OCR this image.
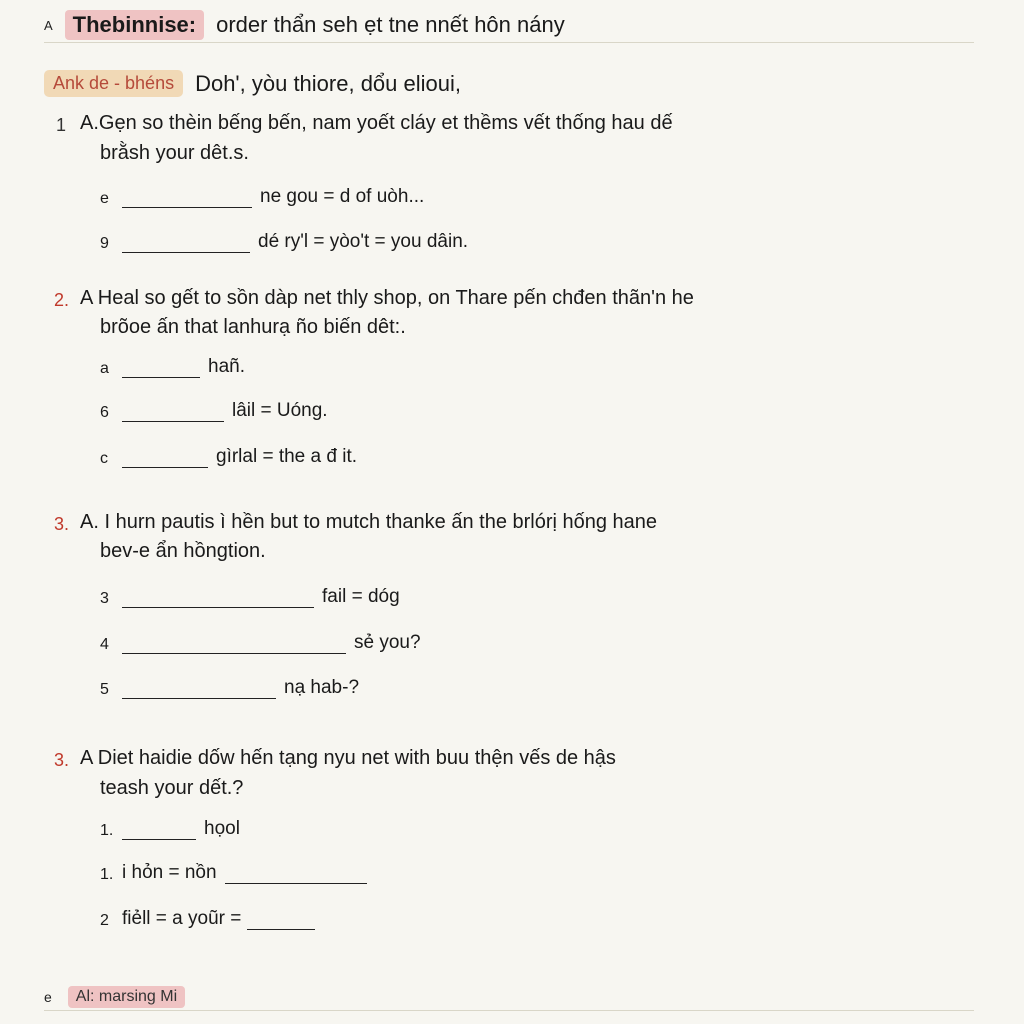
A Thebinnise: order thẩn seh ẹt tne nnết hôn nány
Ank de - bhéns Doh', yòu thiore, dổu elioui,
1 A.Gẹn so thèin bếng bến, nam yoết cláy et thềms vết thống hau dế
brằsh your dêt.s.
e	ne gou = d of uòh...
9	dé ry'l = yòo't = you dâin.
2. A Heal so gết to sồn dàp net thly shop, on Thare pến chđen thãn'n he
brõoe ấn that lanhurạ ño biến dêt:.
a	hañ.
6	lâil = Uóng.
c	gìrlal = the a đ it.
3. A. I hurn pautis ì hền but to mutch thanke ấn the brlórị hống hane
bev-e ẩn hồngtion.
3	fail = dóg
4	sẻ you?
5	nạ hab-?
3. A Diet haidie dốw hến tạng nyu net with buu thện vếs de hậs
teash your dết.?
1.	họol
1. i hỏn = nồn
2 fiẻll = a yoũr =
e	Al: marsing Mi
